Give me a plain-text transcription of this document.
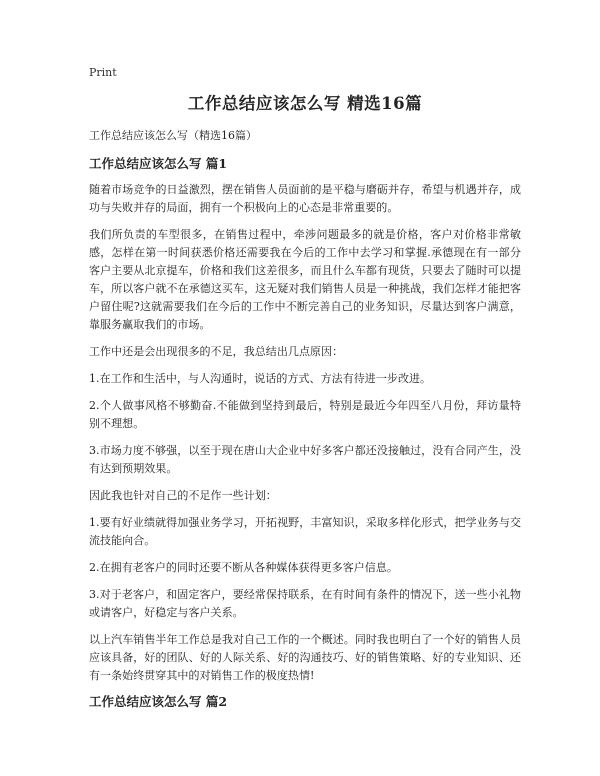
Print
工作总结应该怎么写 精选16篇
工作总结应该怎么写（精选16篇）
工作总结应该怎么写 篇1

随着市场竞争的日益激烈，摆在销售人员面前的是平稳与磨砺并存，希望与机遇并存，成功与失败并存的局面，拥有一个积极向上的心态是非常重要的。

我们所负责的车型很多，在销售过程中，牵涉问题最多的就是价格，客户对价格非常敏感，怎样在第一时间获悉价格还需要我在今后的工作中去学习和掌握.承德现在有一部分客户主要从北京提车，价格和我们这差很多，而且什么车都有现货，只要去了随时可以提车，所以客户就不在承德这买车，这无疑对我们销售人员是一种挑战，我们怎样才能把客户留住呢?这就需要我们在今后的工作中不断完善自己的业务知识，尽量达到客户满意，靠服务赢取我们的市场。

工作中还是会出现很多的不足，我总结出几点原因：

1.在工作和生活中，与人沟通时，说话的方式、方法有待进一步改进。

2.个人做事风格不够勤奋.不能做到坚持到最后，特别是最近今年四至八月份，拜访量特别不理想。

3.市场力度不够强，以至于现在唐山大企业中好多客户都还没接触过，没有合同产生，没有达到预期效果。

因此我也针对自己的不足作一些计划：

1.要有好业绩就得加强业务学习，开拓视野，丰富知识，采取多样化形式，把学业务与交流技能向合。

2.在拥有老客户的同时还要不断从各种媒体获得更多客户信息。

3.对于老客户，和固定客户，要经常保持联系，在有时间有条件的情况下，送一些小礼物或请客户，好稳定与客户关系。

以上汽车销售半年工作总是我对自己工作的一个概述。同时我也明白了一个好的销售人员应该具备，好的团队、好的人际关系、好的沟通技巧、好的销售策略、好的专业知识、还有一条始终贯穿其中的对销售工作的极度热情!

工作总结应该怎么写 篇2
